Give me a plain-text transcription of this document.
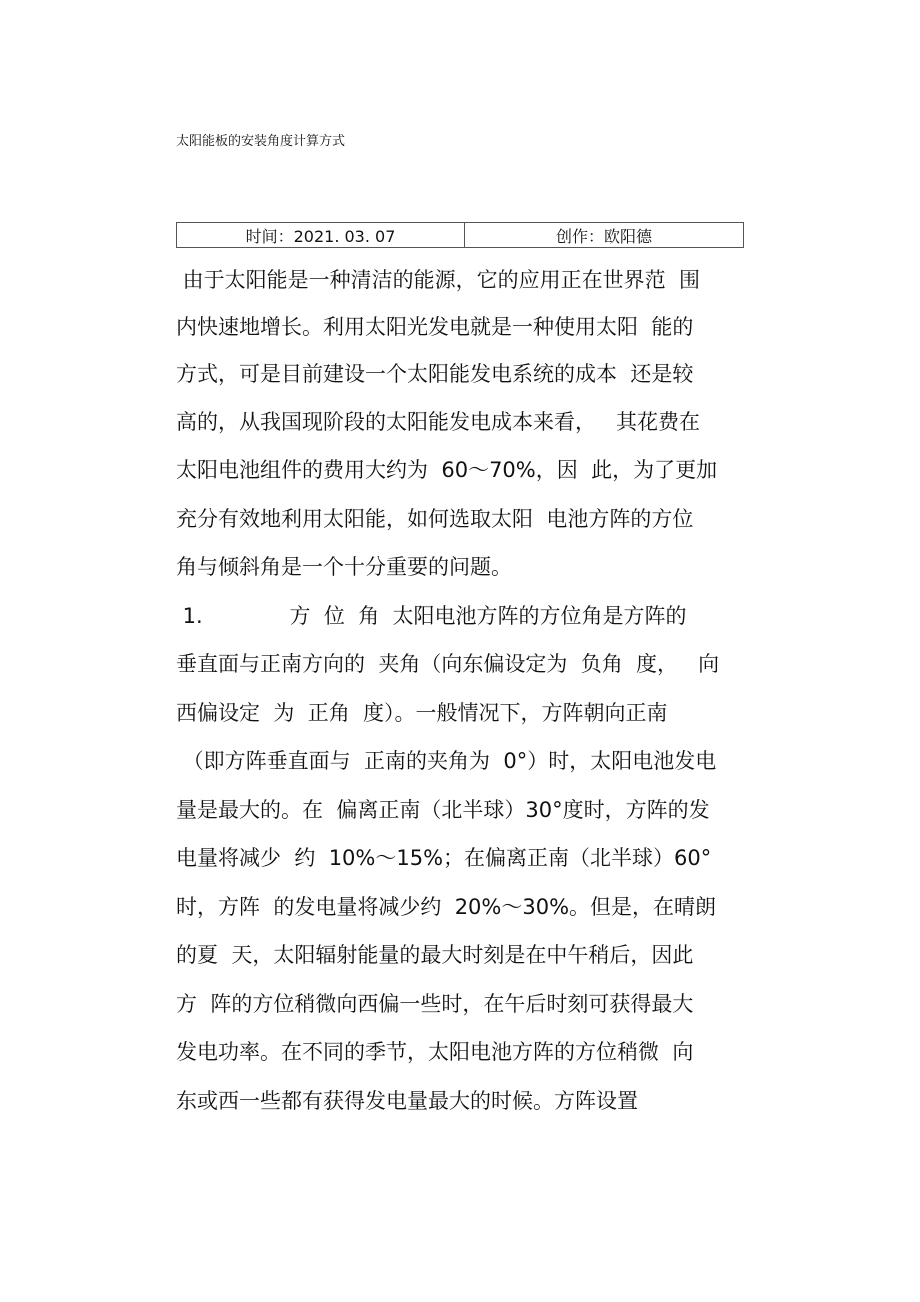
太阳能板的安装角度计算方式
时间：2021. 03. 07	创作：欧阳德
由于太阳能是一种清洁的能源，它的应用正在世界范  围
内快速地增长。利用太阳光发电就是一种使用太阳  能的
方式，可是目前建设一个太阳能发电系统的成本  还是较
高的，从我国现阶段的太阳能发电成本来看，   其花费在
太阳电池组件的费用大约为  60〜70%，因  此，为了更加
充分有效地利用太阳能，如何选取太阳  电池方阵的方位
角与倾斜角是一个十分重要的问题。
1.             方  位  角  太阳电池方阵的方位角是方阵的
垂直面与正南方向的  夹角（向东偏设定为  负角  度，   向
西偏设定  为  正角  度）。一般情况下，方阵朝向正南
（即方阵垂直面与  正南的夹角为  0°）时，太阳电池发电
量是最大的。在  偏离正南（北半球）30°度时，方阵的发
电量将减少  约  10%〜15%；在偏离正南（北半球）60°
时，方阵  的发电量将减少约  20%〜30%。但是，在晴朗
的夏  天，太阳辐射能量的最大时刻是在中午稍后，因此
方  阵的方位稍微向西偏一些时，在午后时刻可获得最大
发电功率。在不同的季节，太阳电池方阵的方位稍微  向
东或西一些都有获得发电量最大的时候。方阵设置
